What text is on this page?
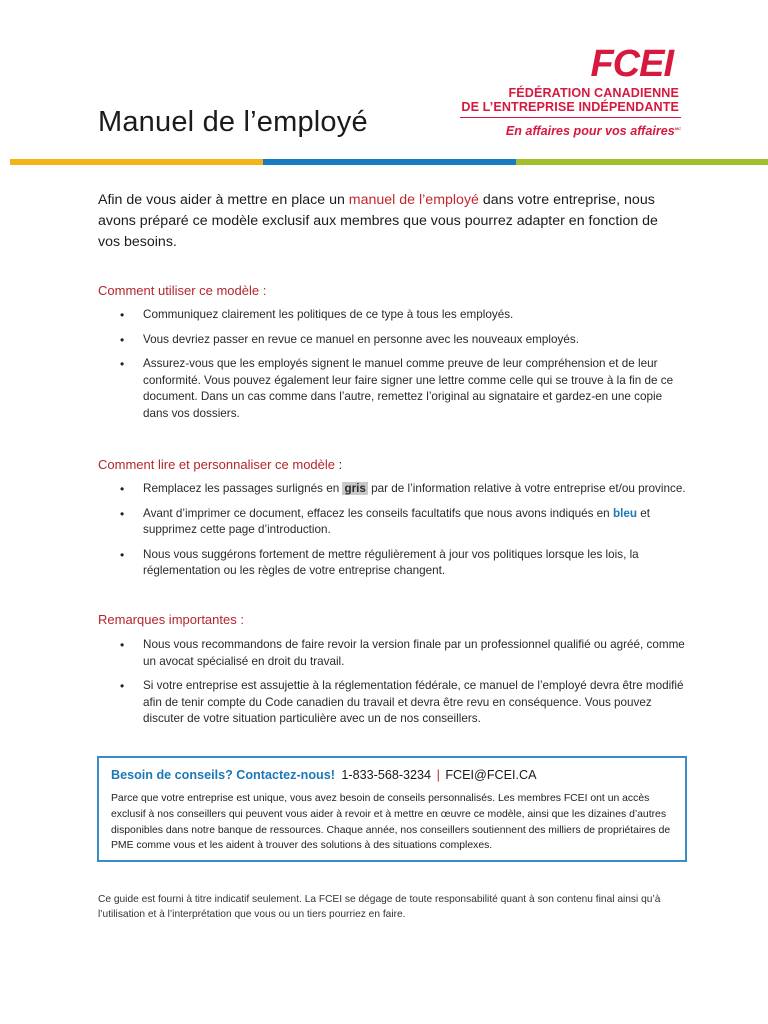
Manuel de l’employé
FCEI
FÉDÉRATION CANADIENNE
DE L’ENTREPRISE INDÉPENDANTE
En affaires pour vos affaires$^{MC}$

Afin de vous aider à mettre en place un manuel de l’employé dans votre entreprise, nous avons préparé ce modèle exclusif aux membres que vous pourrez adapter en fonction de vos besoins.

Comment utiliser ce modèle :
• Communiquez clairement les politiques de ce type à tous les employés.
• Vous devriez passer en revue ce manuel en personne avec les nouveaux employés.
• Assurez-vous que les employés signent le manuel comme preuve de leur compréhension et de leur conformité. Vous pouvez également leur faire signer une lettre comme celle qui se trouve à la fin de ce document. Dans un cas comme dans l’autre, remettez l’original au signataire et gardez-en une copie dans vos dossiers.
Comment lire et personnaliser ce modèle :
• Remplacez les passages surlignés en gris par de l’information relative à votre entreprise et/ou province.
• Avant d’imprimer ce document, effacez les conseils facultatifs que nous avons indiqués en bleu et supprimez cette page d’introduction.
• Nous vous suggérons fortement de mettre régulièrement à jour vos politiques lorsque les lois, la réglementation ou les règles de votre entreprise changent.
Remarques importantes :
• Nous vous recommandons de faire revoir la version finale par un professionnel qualifié ou agréé, comme un avocat spécialisé en droit du travail.
• Si votre entreprise est assujettie à la réglementation fédérale, ce manuel de l’employé devra être modifié afin de tenir compte du Code canadien du travail et devra être revu en conséquence. Vous pouvez discuter de votre situation particulière avec un de nos conseillers.
Besoin de conseils? Contactez-nous! 1-833-568-3234 | FCEI@FCEI.CA
Parce que votre entreprise est unique, vous avez besoin de conseils personnalisés. Les membres FCEI ont un accès exclusif à nos conseillers qui peuvent vous aider à revoir et à mettre en œuvre ce modèle, ainsi que les dizaines d’autres disponibles dans notre banque de ressources. Chaque année, nos conseillers soutiennent des milliers de propriétaires de PME comme vous et les aident à trouver des solutions à des situations complexes.

Ce guide est fourni à titre indicatif seulement. La FCEI se dégage de toute responsabilité quant à son contenu final ainsi qu’à l’utilisation et à l’interprétation que vous ou un tiers pourriez en faire.
